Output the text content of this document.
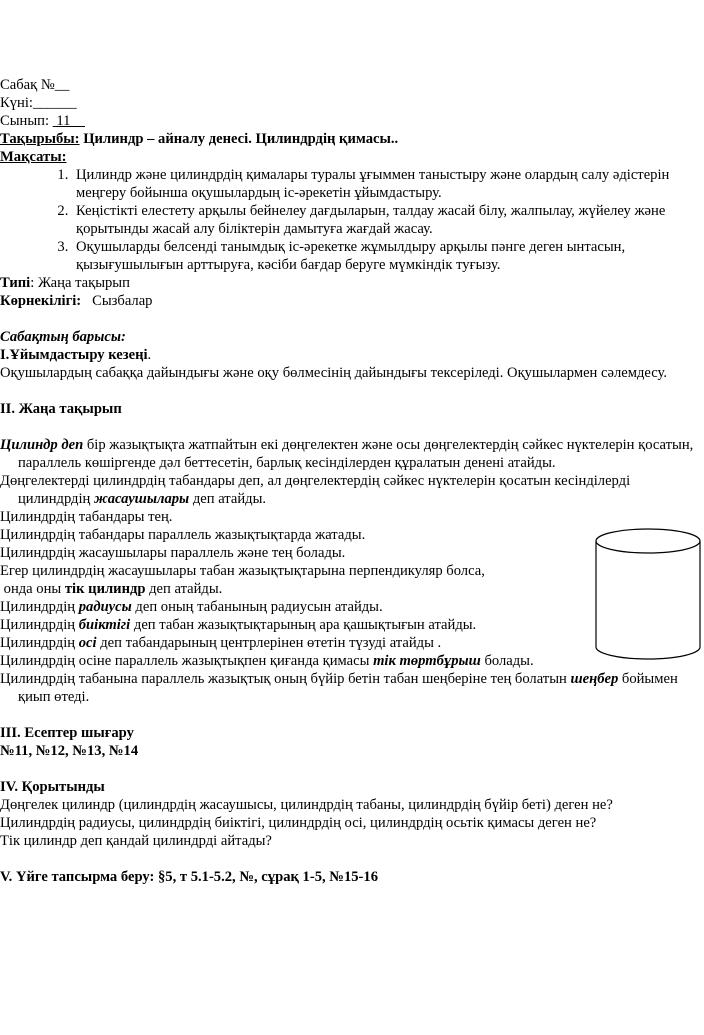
Сабақ №__

Күні:______

Сынып:  11

Тақырыбы: Цилиндр – айналу денесі. Цилиндрдің қимасы..

Мақсаты:

1. Цилиндр және цилиндрдің қималары туралы ұғыммен таныстыру және олардың салу әдістерін меңгеру бойынша оқушылардың іс-әрекетін ұйымдастыру.
2. Кеңістікті елестету арқылы бейнелеу дағдыларын, талдау жасай білу, жалпылау, жүйелеу және қорытынды жасай алу біліктерін дамытуға жағдай жасау.
3. Оқушыларды белсенді танымдық іс-әрекетке жұмылдыру арқылы пәнге деген ынтасын, қызығушылығын арттыруға, кәсіби бағдар беруге мүмкіндік туғызу.

Типі: Жаңа тақырып

Көрнекілігі:   Сызбалар

Сабақтың барысы:

І.Ұйымдастыру кезеңі.

Оқушылардың сабаққа дайындығы және оқу бөлмесінің дайындығы тексеріледі. Оқушылармен сәлемдесу.

ІІ. Жаңа тақырып

Цилиндр деп бір жазықтықта жатпайтын екі дөңгелектен және осы дөңгелектердің сәйкес нүктелерін қосатын, параллель көшіргенде дәл беттесетін, барлық кесінділерден құралатын денені атайды.

Дөңгелектерді цилиндрдің табандары деп, ал дөңгелектердің сәйкес нүктелерін қосатын кесінділерді цилиндрдің жасаушылары деп атайды.

Цилиндрдің табандары тең.

Цилиндрдің табандары параллель жазықтықтарда жатады.

Цилиндрдің жасаушылары параллель және тең болады.

Егер цилиндрдің жасаушылары табан жазықтықтарына перпендикуляр болса,

онда оны тік цилиндр деп атайды.

Цилиндрдің радиусы деп оның табанының радиусын атайды.

Цилиндрдің биіктігі деп табан жазықтықтарының ара қашықтығын атайды.

Цилиндрдің осі деп табандарының центрлерінен өтетін түзуді атайды .

Цилиндрдің осіне параллель жазықтықпен қиғанда қимасы тік төртбұрыш болады.

Цилиндрдің табанына параллель жазықтық оның бүйір бетін табан шеңберіне тең болатын шеңбер бойымен қиып өтеді.

ІІІ. Есептер шығару

№11, №12, №13, №14

ІV. Қорытынды

Дөңгелек цилиндр (цилиндрдің жасаушысы, цилиндрдің табаны, цилиндрдің бүйір беті) деген не?

Цилиндрдің радиусы, цилиндрдің биіктігі, цилиндрдің осі, цилиндрдің осьтік қимасы деген не?

Тік цилиндр деп қандай цилиндрді айтады?

V. Үйге тапсырма беру: §5, т 5.1-5.2, №, сұрақ 1-5, №15-16
